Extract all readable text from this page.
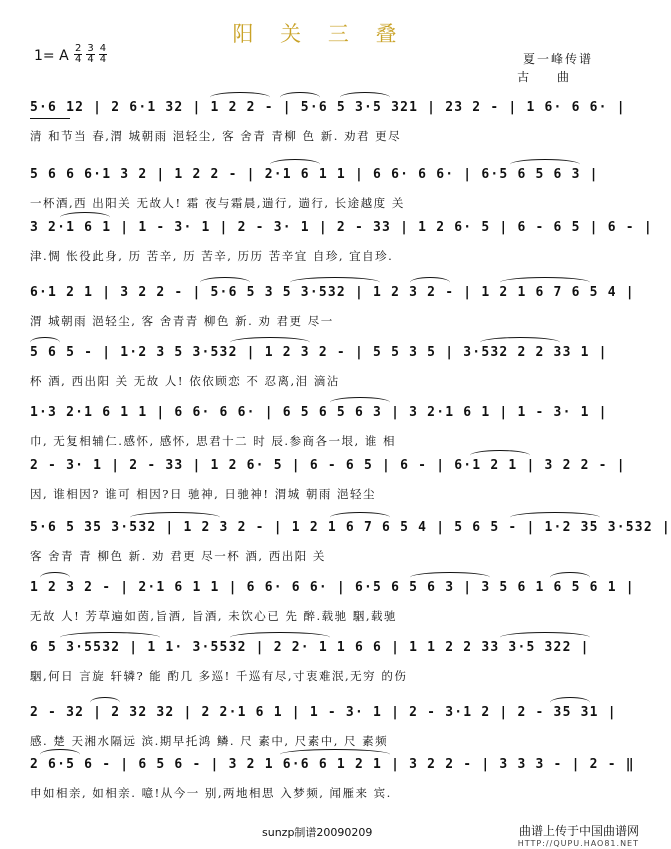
阳 关 三 叠
1= A $\frac{2}{4} \frac{3}{4} \frac{4}{4}$	夏一峰传谱
古 曲
5·6 12 | 2 6·1 32 | 1 2 2 - | 5·6 5 3·5 321 | 23 2 - | 1 6· 6 6· |
清 和节当 春,渭 城朝雨 浥轻尘, 客 舍青 青柳 色 新. 劝君 更尽
5 6 6 6·1 3 2 | 1 2 2 - | 2·1 6 1 1 | 6 6· 6 6· | 6·5 6 5 6 3 |
一杯酒,西 出阳关 无故人! 霜 夜与霜晨,遄行, 遄行, 长途越度 关
3 2·1 6 1 | 1 - 3· 1 | 2 - 3· 1 | 2 - 33 | 1 2 6· 5 | 6 - 6 5 | 6 - |
津.惆 怅役此身, 历 苦辛, 历 苦辛, 历历 苦辛宜 自珍, 宜自珍.
6·1 2 1 | 3 2 2 - | 5·6 5 3 5 3·532 | 1 2 3 2 - | 1 2 1 6 7 6 5 4 |
渭 城朝雨 浥轻尘, 客 舍青青 柳色 新. 劝 君更 尽一
5 6 5 - | 1·2 3 5 3·532 | 1 2 3 2 - | 5 5 3 5 | 3·532 2 2 33 1 |
杯 酒, 西出阳 关 无故 人! 依依顾恋 不 忍离,泪 滴沾
1·3 2·1 6 1 1 | 6 6· 6 6· | 6 5 6 5 6 3 | 3 2·1 6 1 | 1 - 3· 1 |
巾, 无复相辅仁.感怀, 感怀, 思君十二 时 辰.参商各一垠, 谁 相
2 - 3· 1 | 2 - 33 | 1 2 6· 5 | 6 - 6 5 | 6 - | 6·1 2 1 | 3 2 2 - |
因, 谁相因? 谁可 相因?日 驰神, 日驰神! 渭城 朝雨 浥轻尘
5·6 5 35 3·532 | 1 2 3 2 - | 1 2 1 6 7 6 5 4 | 5 6 5 - | 1·2 35 3·532 |
客 舍青 青 柳色 新. 劝 君更 尽一杯 酒, 西出阳 关
1 2 3 2 - | 2·1 6 1 1 | 6 6· 6 6· | 6·5 6 5 6 3 | 3 5 6 1 6 5 6 1 |
无故 人! 芳草遍如茵,旨酒, 旨酒, 未饮心已 先 醉.载驰 駰,载驰
6 5 3·5532 | 1 1· 3·5532 | 2 2· 1 1 6 6 | 1 1 2 2 33 3·5 322 |
駰,何日 言旋 轩辚? 能 酌几 多巡! 千巡有尽,寸衷难泯,无穷 的伤
2 - 32 | 2 32 32 | 2 2·1 6 1 | 1 - 3· 1 | 2 - 3·1 2 | 2 - 35 31 |
感. 楚 天湘水隔远 滨.期早托鸿 鳞. 尺 素中, 尺素中, 尺 素频
2 6·5 6 - | 6 5 6 - | 3 2 1 6·6 6 1 2 1 | 3 2 2 - | 3 3 3 - | 2 - ‖
申如相亲, 如相亲. 噫!从今一 别,两地相思 入梦频, 闻雁来 宾.
sunzp制谱20090209	曲谱上传于中国曲谱网
HTTP://QUPU.HAO81.NET
